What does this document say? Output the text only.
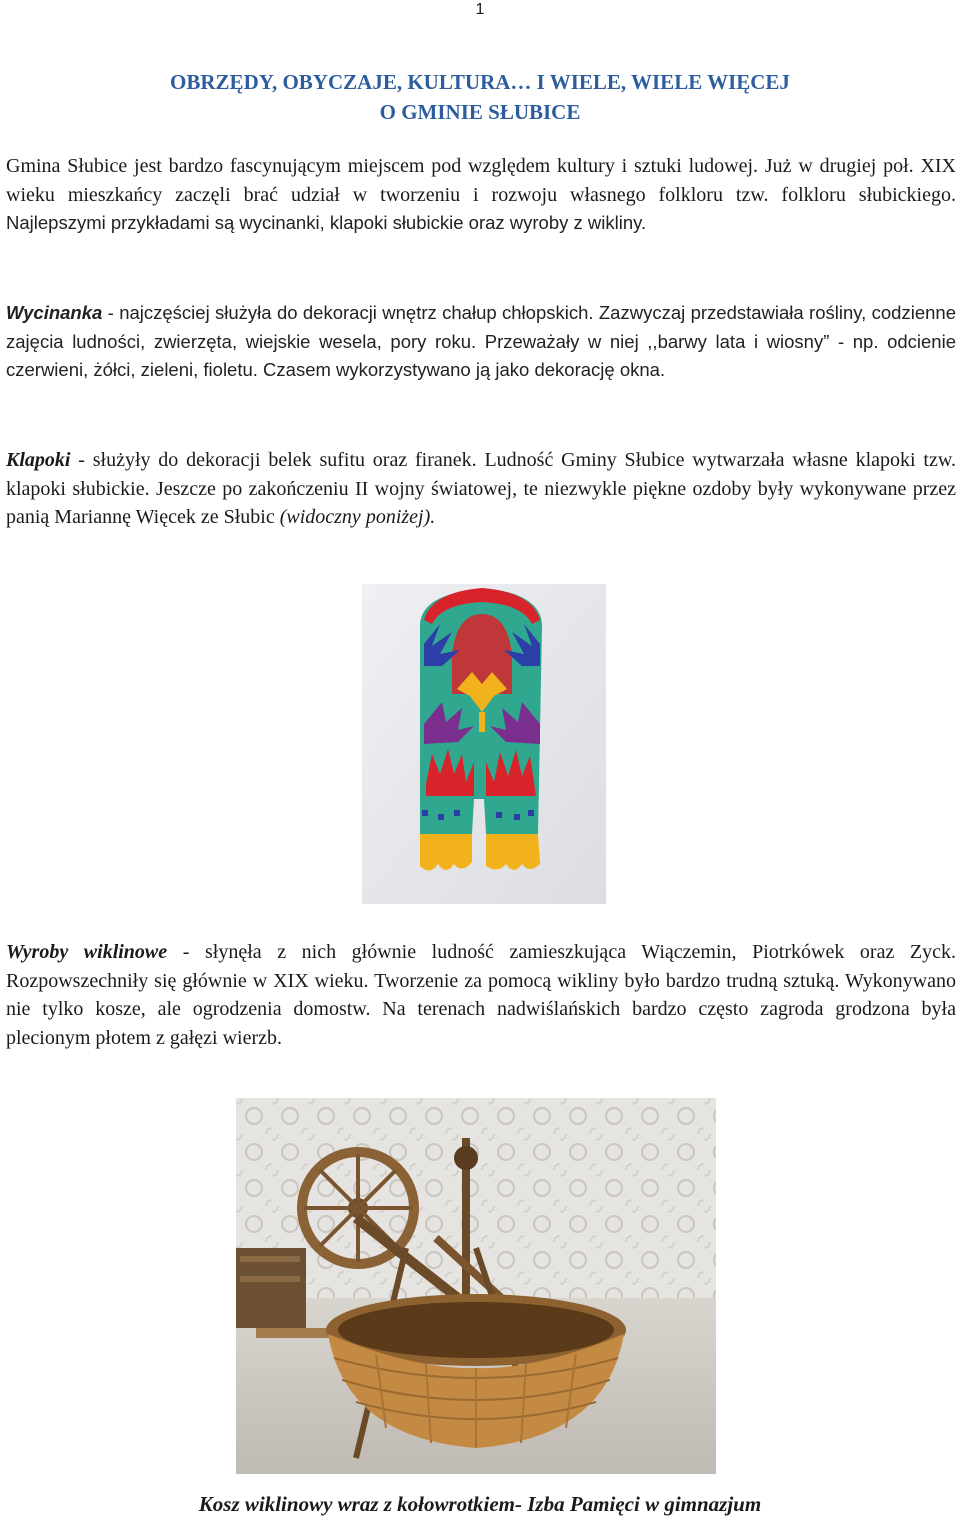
1
OBRZĘDY, OBYCZAJE, KULTURA… I WIELE, WIELE WIĘCEJ
O GMINIE SŁUBICE

Gmina Słubice jest bardzo fascynującym miejscem pod względem kultury i sztuki ludowej. Już w drugiej poł. XIX wieku mieszkańcy zaczęli brać udział w tworzeniu i rozwoju własnego folkloru tzw. folkloru słubickiego. Najlepszymi przykładami są wycinanki, klapoki słubickie oraz wyroby z wikliny.

Wycinanka - najczęściej służyła do dekoracji wnętrz chałup chłopskich. Zazwyczaj przedstawiała rośliny, codzienne zajęcia ludności, zwierzęta, wiejskie wesela, pory roku. Przeważały w niej ,,barwy lata i wiosny” - np. odcienie czerwieni, żółci, zieleni, fioletu. Czasem wykorzystywano ją jako dekorację okna.

Klapoki - służyły do dekoracji belek sufitu oraz firanek. Ludność Gminy Słubice wytwarzała własne klapoki tzw. klapoki słubickie. Jeszcze po zakończeniu II wojny światowej, te niezwykle piękne ozdoby były wykonywane przez panią Mariannę Więcek ze Słubic (widoczny poniżej).

Wyroby wiklinowe - słynęła z nich głównie ludność zamieszkująca Wiączemin, Piotrkówek oraz Zyck. Rozpowszechniły się głównie w XIX wieku. Tworzenie za pomocą wikliny było bardzo trudną sztuką. Wykonywano nie tylko kosze, ale ogrodzenia domostw. Na terenach nadwiślańskich bardzo często zagroda grodzona była plecionym płotem z gałęzi wierzb.

Kosz wiklinowy wraz z kołowrotkiem- Izba Pamięci w gimnazjum
